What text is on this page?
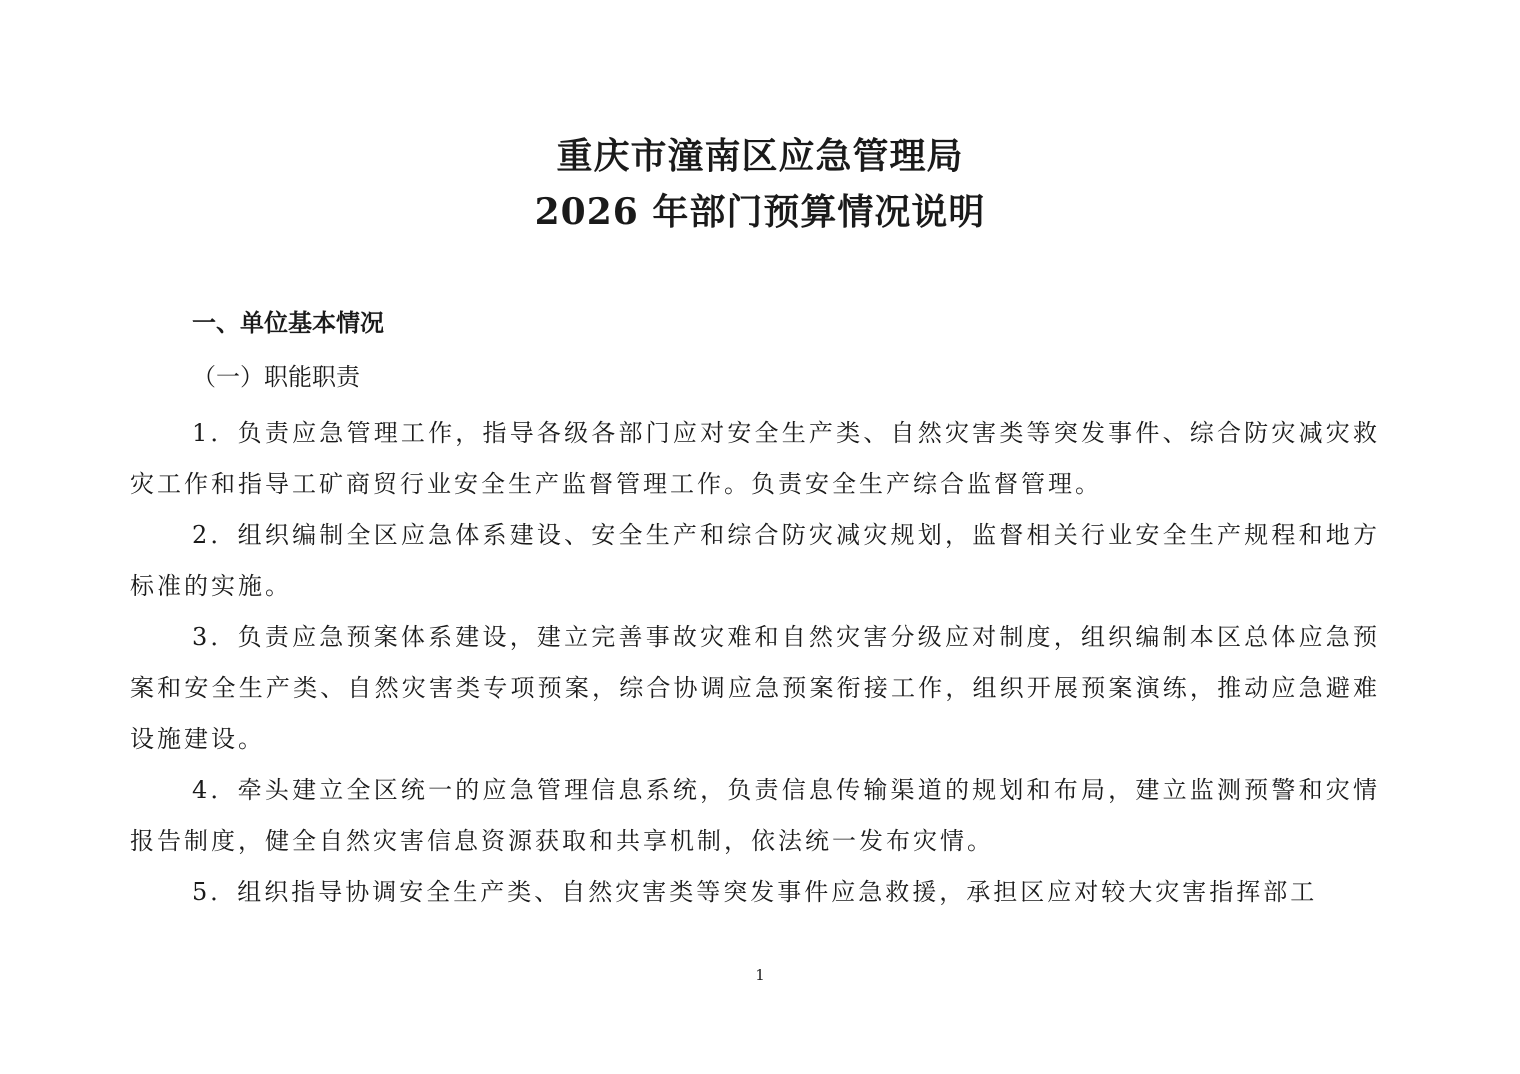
重庆市潼南区应急管理局
2026 年部门预算情况说明
一、单位基本情况
（一）职能职责

1．负责应急管理工作，指导各级各部门应对安全生产类、自然灾害类等突发事件、综合防灾减灾救灾工作和指导工矿商贸行业安全生产监督管理工作。负责安全生产综合监督管理。

2．组织编制全区应急体系建设、安全生产和综合防灾减灾规划，监督相关行业安全生产规程和地方标准的实施。

3．负责应急预案体系建设，建立完善事故灾难和自然灾害分级应对制度，组织编制本区总体应急预案和安全生产类、自然灾害类专项预案，综合协调应急预案衔接工作，组织开展预案演练，推动应急避难设施建设。

4．牵头建立全区统一的应急管理信息系统，负责信息传输渠道的规划和布局，建立监测预警和灾情报告制度，健全自然灾害信息资源获取和共享机制，依法统一发布灾情。

5．组织指导协调安全生产类、自然灾害类等突发事件应急救援，承担区应对较大灾害指挥部工

1
